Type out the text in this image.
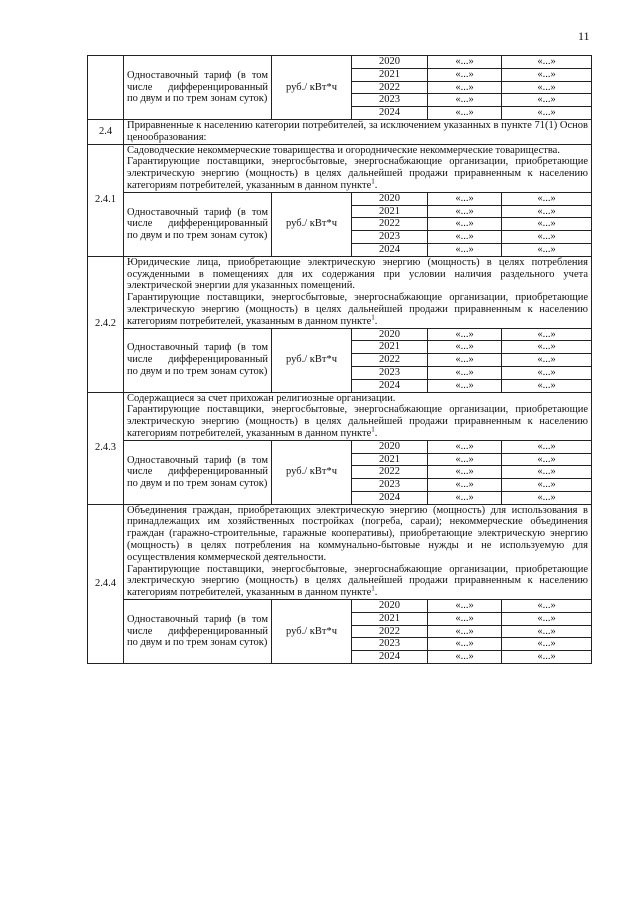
11
	Одноставочный тариф (в том числе дифференцированный по двум и по трем зонам суток)	руб./ кВт*ч	2020	«...»	«...»
			2021	«...»	«...»
			2022	«...»	«...»
			2023	«...»	«...»
			2024	«...»	«...»
2.4	Приравненные к населению категории потребителей, за исключением указанных в пункте 71(1) Основ ценообразования:				
2.4.1	Садоводческие некоммерческие товарищества и огороднические некоммерческие товарищества.

Гарантирующие поставщики, энергосбытовые, энергоснабжающие организации, приобретающие электрическую энергию (мощность) в целях дальнейшей продажи приравненным к населению категориям потребителей, указанным в данном пункте$^1$.				

	Одноставочный тариф (в том числе дифференцированный по двум и по трем зонам суток)	руб./ кВт*ч	2020	«...»	«...»
			2021	«...»	«...»
			2022	«...»	«...»
			2023	«...»	«...»
			2024	«...»	«...»
2.4.2	Юридические лица, приобретающие электрическую энергию (мощность) в целях потребления осужденными в помещениях для их содержания при условии наличия раздельного учета электрической энергии для указанных помещений.

Гарантирующие поставщики, энергосбытовые, энергоснабжающие организации, приобретающие электрическую энергию (мощность) в целях дальнейшей продажи приравненным к населению категориям потребителей, указанным в данном пункте$^1$.				

	Одноставочный тариф (в том числе дифференцированный по двум и по трем зонам суток)	руб./ кВт*ч	2020	«...»	«...»
			2021	«...»	«...»
			2022	«...»	«...»
			2023	«...»	«...»
			2024	«...»	«...»
2.4.3	Содержащиеся за счет прихожан религиозные организации.

Гарантирующие поставщики, энергосбытовые, энергоснабжающие организации, приобретающие электрическую энергию (мощность) в целях дальнейшей продажи приравненным к населению категориям потребителей, указанным в данном пункте$^1$.				

	Одноставочный тариф (в том числе дифференцированный по двум и по трем зонам суток)	руб./ кВт*ч	2020	«...»	«...»
			2021	«...»	«...»
			2022	«...»	«...»
			2023	«...»	«...»
			2024	«...»	«...»
2.4.4	Объединения граждан, приобретающих электрическую энергию (мощность) для использования в принадлежащих им хозяйственных постройках (погреба, сараи); некоммерческие объединения граждан (гаражно-строительные, гаражные кооперативы), приобретающие электрическую энергию (мощность) в целях потребления на коммунально-бытовые нужды и не используемую для осуществления коммерческой деятельности.

Гарантирующие поставщики, энергосбытовые, энергоснабжающие организации, приобретающие электрическую энергию (мощность) в целях дальнейшей продажи приравненным к населению категориям потребителей, указанным в данном пункте$^1$.				

	Одноставочный тариф (в том числе дифференцированный по двум и по трем зонам суток)	руб./ кВт*ч	2020	«...»	«...»
			2021	«...»	«...»
			2022	«...»	«...»
			2023	«...»	«...»
			2024	«...»	«...»
